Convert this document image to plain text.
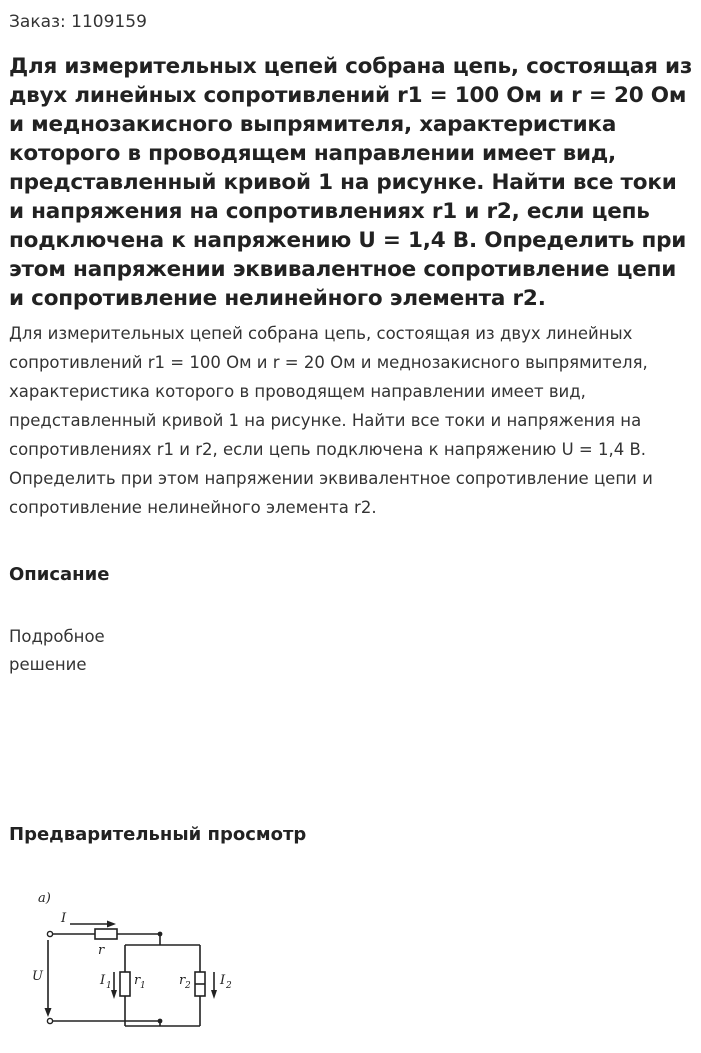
Заказ: 1109159
Для измерительных цепей собрана цепь, состоящая из двух линейных сопротивлений r1 = 100 Ом и r = 20 Ом и меднозакисного выпрямителя, характеристика которого в проводящем направлении имеет вид, представленный кривой 1 на рисунке. Найти все токи и напряжения на сопротивлениях r1 и r2, если цепь подключена к напряжению U = 1,4 В. Определить при этом напряжении эквивалентное сопротивление цепи и сопротивление нелинейного элемента r2.

Для измерительных цепей собрана цепь, состоящая из двух линейных сопротивлений r1 = 100 Ом и r = 20 Ом и меднозакисного выпрямителя, характеристика которого в проводящем направлении имеет вид, представленный кривой 1 на рисунке. Найти все токи и напряжения на сопротивлениях r1 и r2, если цепь подключена к напряжению U = 1,4 В. Определить при этом напряжении эквивалентное сопротивление цепи и сопротивление нелинейного элемента r2.

Описание
Подробное решение
Предварительный просмотр
a)
I
r
U	I 1 r 1	r 2 I 2
